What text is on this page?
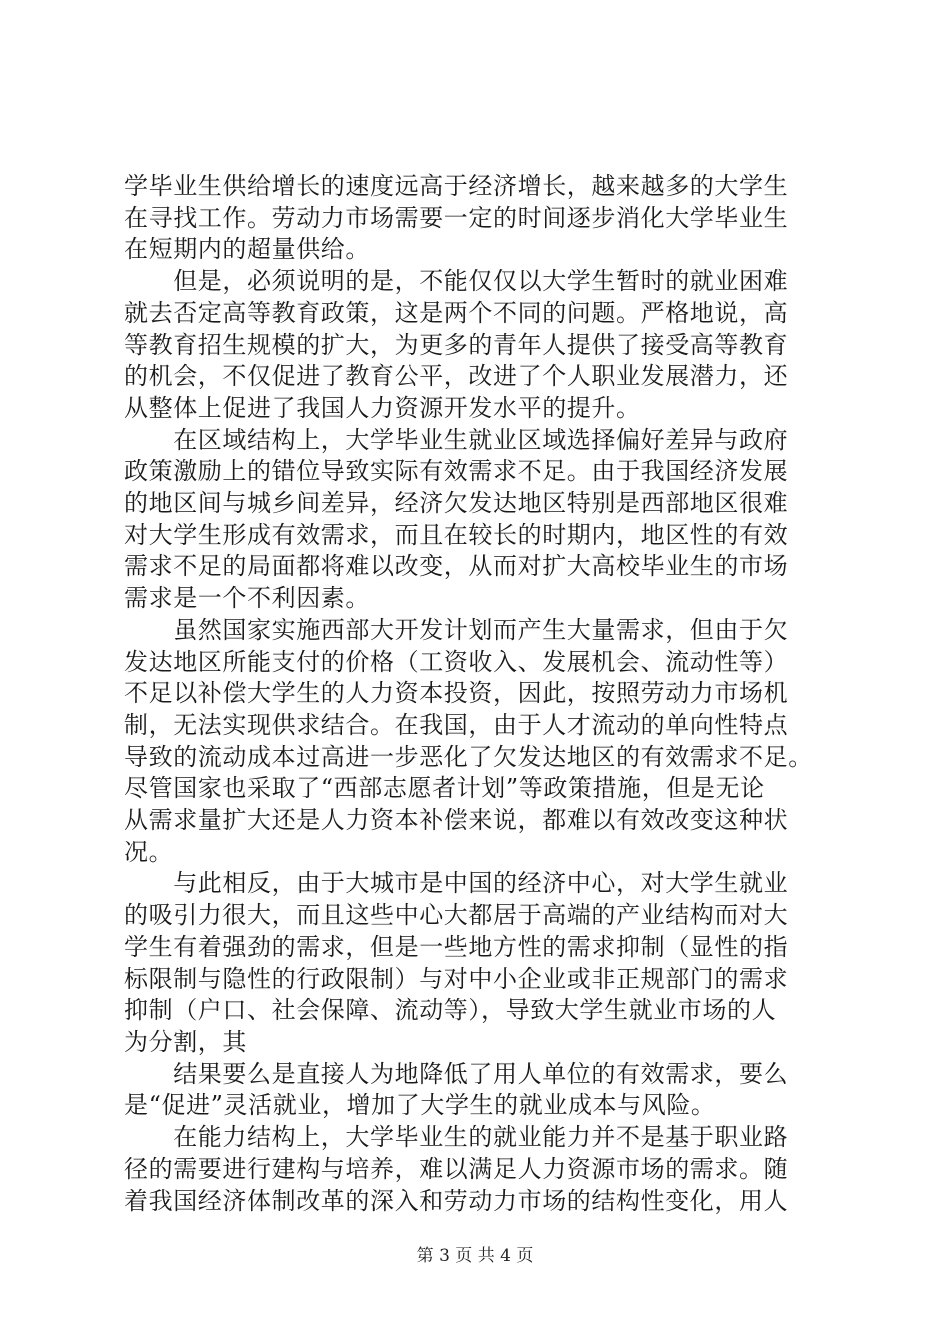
学毕业生供给增长的速度远高于经济增长，越来越多的大学生
在寻找工作。劳动力市场需要一定的时间逐步消化大学毕业生
在短期内的超量供给。

　　但是，必须说明的是，不能仅仅以大学生暂时的就业困难
就去否定高等教育政策，这是两个不同的问题。严格地说，高
等教育招生规模的扩大，为更多的青年人提供了接受高等教育
的机会，不仅促进了教育公平，改进了个人职业发展潜力，还
从整体上促进了我国人力资源开发水平的提升。

　　在区域结构上，大学毕业生就业区域选择偏好差异与政府
政策激励上的错位导致实际有效需求不足。由于我国经济发展
的地区间与城乡间差异，经济欠发达地区特别是西部地区很难
对大学生形成有效需求，而且在较长的时期内，地区性的有效
需求不足的局面都将难以改变，从而对扩大高校毕业生的市场
需求是一个不利因素。

　　虽然国家实施西部大开发计划而产生大量需求，但由于欠
发达地区所能支付的价格（工资收入、发展机会、流动性等）
不足以补偿大学生的人力资本投资，因此，按照劳动力市场机
制，无法实现供求结合。在我国，由于人才流动的单向性特点
导致的流动成本过高进一步恶化了欠发达地区的有效需求不足。
尽管国家也采取了“西部志愿者计划”等政策措施，但是无论
从需求量扩大还是人力资本补偿来说，都难以有效改变这种状
况。

　　与此相反，由于大城市是中国的经济中心，对大学生就业
的吸引力很大，而且这些中心大都居于高端的产业结构而对大
学生有着强劲的需求，但是一些地方性的需求抑制（显性的指
标限制与隐性的行政限制）与对中小企业或非正规部门的需求
抑制（户口、社会保障、流动等），导致大学生就业市场的人
为分割，其

　　结果要么是直接人为地降低了用人单位的有效需求，要么
是“促进”灵活就业，增加了大学生的就业成本与风险。

　　在能力结构上，大学毕业生的就业能力并不是基于职业路
径的需要进行建构与培养，难以满足人力资源市场的需求。随
着我国经济体制改革的深入和劳动力市场的结构性变化，用人

第 3 页 共 4 页
